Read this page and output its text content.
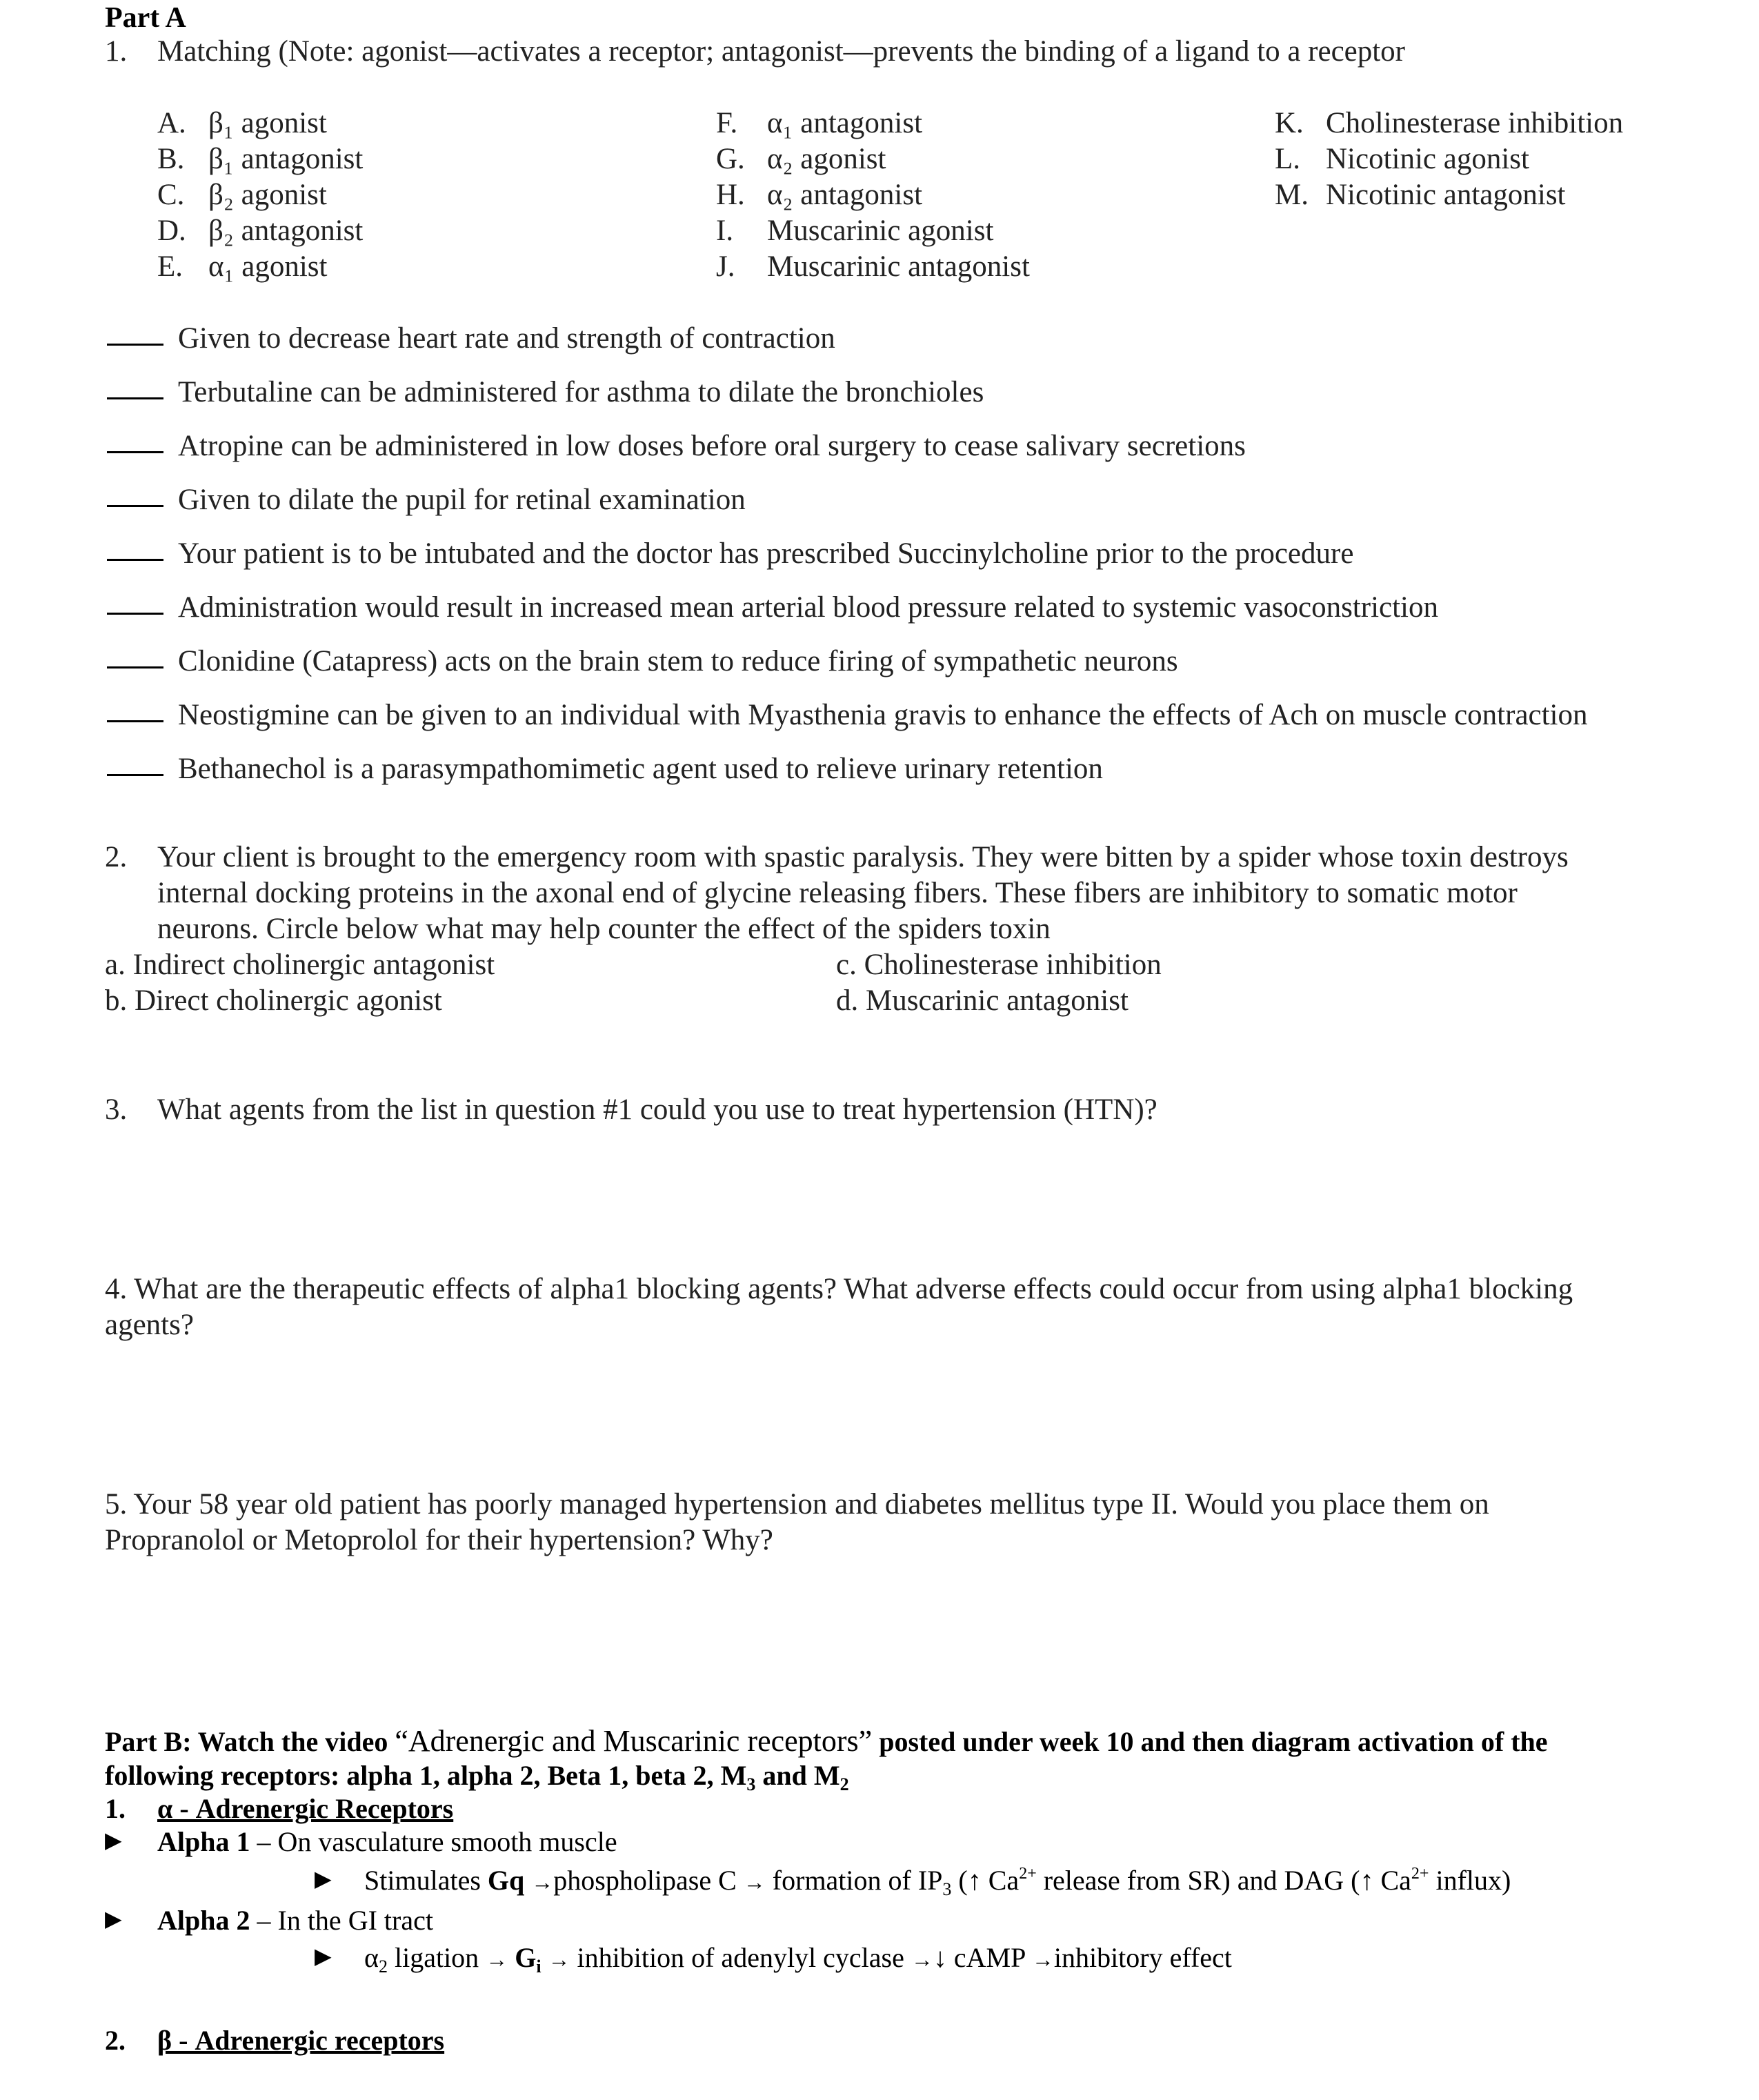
Part A
1. Matching (Note: agonist—activates a receptor; antagonist—prevents the binding of a ligand to a receptor
A. β₁ agonist
B. β₁ antagonist
C. β₂ agonist
D. β₂ antagonist
E. α₁ agonist
F. α₁ antagonist
G. α₂ agonist
H. α₂ antagonist
I. Muscarinic agonist
J. Muscarinic antagonist
K. Cholinesterase inhibition
L. Nicotinic agonist
M. Nicotinic antagonist
Given to decrease heart rate and strength of contraction
Terbutaline can be administered for asthma to dilate the bronchioles
Atropine can be administered in low doses before oral surgery to cease salivary secretions
Given to dilate the pupil for retinal examination
Your patient is to be intubated and the doctor has prescribed Succinylcholine prior to the procedure
Administration would result in increased mean arterial blood pressure related to systemic vasoconstriction
Clonidine (Catapress) acts on the brain stem to reduce firing of sympathetic neurons
Neostigmine can be given to an individual with Myasthenia gravis to enhance the effects of Ach on muscle contraction
Bethanechol is a parasympathomimetic agent used to relieve urinary retention
2. Your client is brought to the emergency room with spastic paralysis. They were bitten by a spider whose toxin destroys
internal docking proteins in the axonal end of glycine releasing fibers. These fibers are inhibitory to somatic motor
neurons. Circle below what may help counter the effect of the spiders toxin
a. Indirect cholinergic antagonist	c. Cholinesterase inhibition
b. Direct cholinergic agonist	d. Muscarinic antagonist
3. What agents from the list in question #1 could you use to treat hypertension (HTN)?
4. What are the therapeutic effects of alpha1 blocking agents? What adverse effects could occur from using alpha1 blocking
agents?
5. Your 58 year old patient has poorly managed hypertension and diabetes mellitus type II. Would you place them on
Propranolol or Metoprolol for their hypertension? Why?
Part B: Watch the video “Adrenergic and Muscarinic receptors” posted under week 10 and then diagram activation of the
following receptors: alpha 1, alpha 2, Beta 1, beta 2, $M_3$ and $M_2$
1. α - Adrenergic Receptors
▶ Alpha 1 – On vasculature smooth muscle
▶ Stimulates Gq →phospholipase C → formation of $IP_3$ (↑ $Ca^{2+}$ release from SR) and DAG (↑ $Ca^{2+}$ influx)
▶ Alpha 2 – In the GI tract
▶ $\alpha_2$ ligation → $G_i$ → inhibition of adenylyl cyclase →↓ cAMP →inhibitory effect
2. β - Adrenergic receptors
